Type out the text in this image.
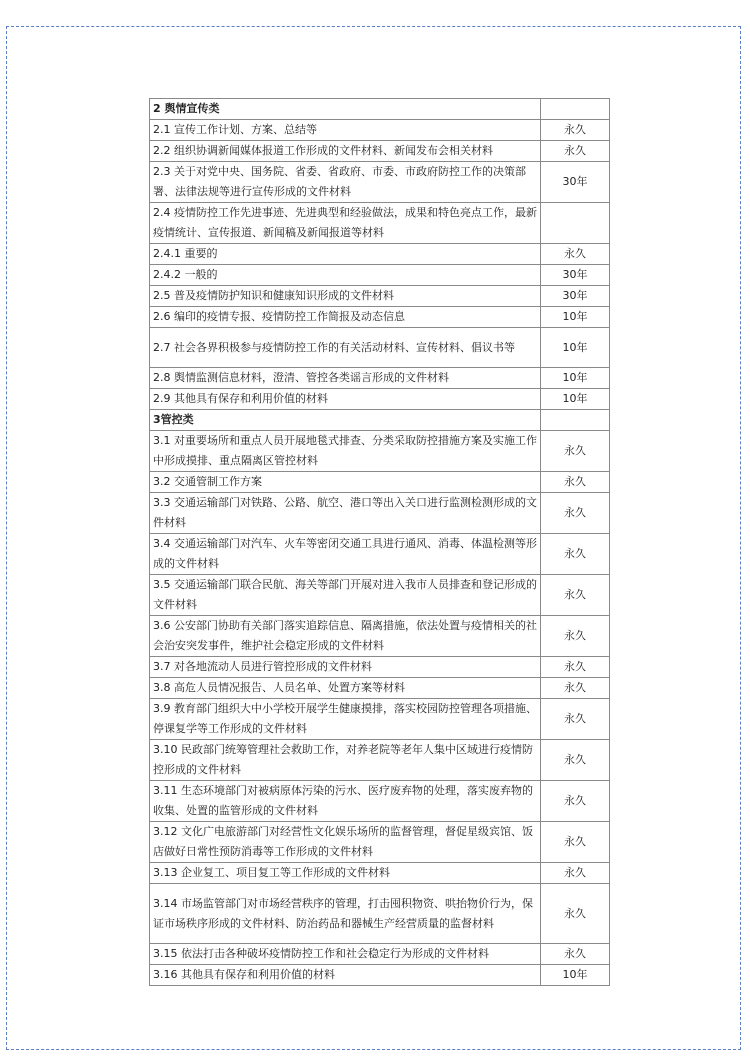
2 舆情宣传类	
2.1 宣传工作计划、方案、总结等	永久
2.2 组织协调新闻媒体报道工作形成的文件材料、新闻发布会相关材料	永久
2.3 关于对党中央、国务院、省委、省政府、市委、市政府防控工作的决策部署、法律法规等进行宣传形成的文件材料	30年
2.4 疫情防控工作先进事迹、先进典型和经验做法，成果和特色亮点工作，最新疫情统计、宣传报道、新闻稿及新闻报道等材料	
2.4.1 重要的	永久
2.4.2 一般的	30年
2.5 普及疫情防护知识和健康知识形成的文件材料	30年
2.6 编印的疫情专报、疫情防控工作简报及动态信息	10年
2.7 社会各界积极参与疫情防控工作的有关活动材料、宣传材料、倡议书等	10年
2.8 舆情监测信息材料，澄清、管控各类谣言形成的文件材料	10年
2.9 其他具有保存和利用价值的材料	10年
3管控类	
3.1 对重要场所和重点人员开展地毯式排查、分类采取防控措施方案及实施工作中形成摸排、重点隔离区管控材料	永久
3.2 交通管制工作方案	永久
3.3 交通运输部门对铁路、公路、航空、港口等出入关口进行监测检测形成的文件材料	永久
3.4 交通运输部门对汽车、火车等密闭交通工具进行通风、消毒、体温检测等形成的文件材料	永久
3.5 交通运输部门联合民航、海关等部门开展对进入我市人员排查和登记形成的文件材料	永久
3.6 公安部门协助有关部门落实追踪信息、隔离措施，依法处置与疫情相关的社会治安突发事件，维护社会稳定形成的文件材料	永久
3.7 对各地流动人员进行管控形成的文件材料	永久
3.8 高危人员情况报告、人员名单、处置方案等材料	永久
3.9 教育部门组织大中小学校开展学生健康摸排，落实校园防控管理各项措施、停课复学等工作形成的文件材料	永久
3.10 民政部门统筹管理社会救助工作，对养老院等老年人集中区域进行疫情防控形成的文件材料	永久
3.11 生态环境部门对被病原体污染的污水、医疗废弃物的处理，落实废弃物的收集、处置的监管形成的文件材料	永久
3.12 文化广电旅游部门对经营性文化娱乐场所的监督管理，督促星级宾馆、饭店做好日常性预防消毒等工作形成的文件材料	永久
3.13 企业复工、项目复工等工作形成的文件材料	永久
3.14 市场监管部门对市场经营秩序的管理，打击囤积物资、哄抬物价行为，保证市场秩序形成的文件材料、防治药品和器械生产经营质量的监督材料	永久
3.15 依法打击各种破坏疫情防控工作和社会稳定行为形成的文件材料	永久
3.16 其他具有保存和利用价值的材料	10年
